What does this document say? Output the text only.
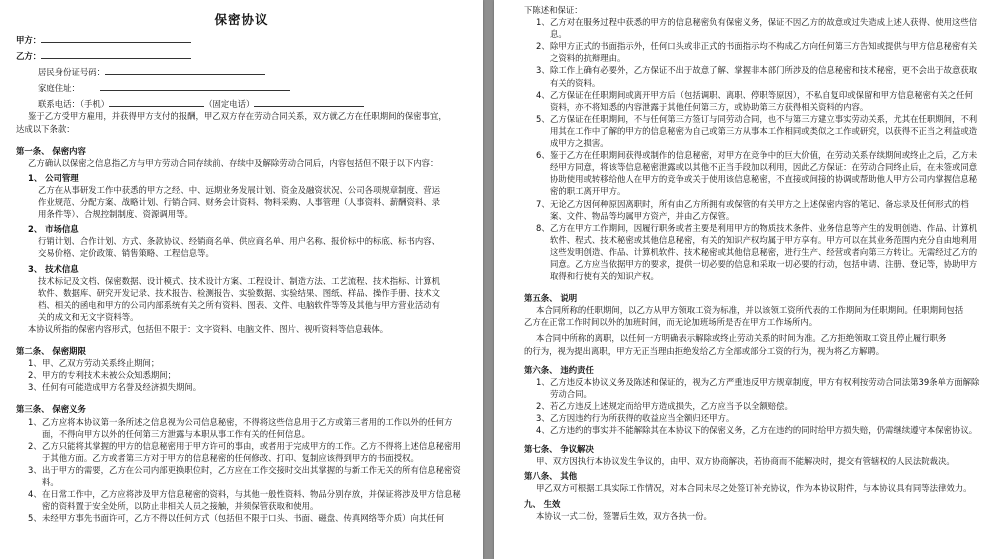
保密协议
甲方：
乙方：
居民身份证号码：
家庭住址：
联系电话：（手机）	（固定电话）
鉴于乙方受甲方雇用，并获得甲方支付的报酬，甲乙双方存在劳动合同关系，双方就乙方在任职期间的保密事宜，
达成以下条款：
第一条、 保密内容
乙方确认以保密之信息指乙方与甲方劳动合同存续前、存续中及解除劳动合同后，内容包括但不限于以下内容：
1、 公司管理
乙方在从事研发工作中获悉的甲方之经、中、远期业务发展计划、资金及融资状况、公司各项规章制度、营运
作业规范、分配方案、战略计划、行销合同、财务会计资料、物料采购、人事管理（人事资料、薪酬资料、录
用条件等）、合规控制制度、资源调用等。
2、 市场信息
行销计划、合作计划、方式、条款协议、经销商名单、供应商名单、用户名称、报价标中的标底、标书内容、
交易价格、定价政策、销售策略、工程信息等。
3、 技术信息
技术标记及文档、保密数据、设计模式、技术设计方案、工程设计、制造方法、工艺流程、技术指标、计算机
软件、数据库、研究开发记录、技术报告、检测报告、实验数据、实验结果、图纸、样品、操作手册、技术文
档、相关的函电和甲方的公司内部系统有关之所有资料、图表、文件、电脑软件等等及其他与甲方营业活动有
关的成文和无文字资料等。
本协议所指的保密内容形式，包括但不限于：文字资料、电脑文件、图片、视听资料等信息载体。
第二条、 保密期限
1、 甲、乙双方劳动关系终止期间；
2、 甲方的专利技术未被公众知悉期间；
3、 任何有可能造成甲方名誉及经济损失期间。
第三条、 保密义务
1、 乙方应将本协议第一条所述之信息视为公司信息秘密，不得将这些信息用于乙方或第三者用的工作以外的任何方面，不得向甲方以外的任何第三方泄露与本职从事工作有关的任何信息。
2、 乙方只能将其掌握的甲方的信息秘密用于甲方许可的事由，或者用于完成甲方的工作。乙方不得将上述信息秘密用于其他方面。乙方或者第三方对于甲方的信息秘密的任何修改、打印、复制应该得到甲方的书面授权。
3、 出于甲方的需要，乙方在公司内部更换职位时，乙方应在工作交接时交出其掌握的与新工作无关的所有信息秘密资料。
4、 在日常工作中，乙方应将涉及甲方信息秘密的资料，与其他一般性资料、物品分别存放，并保证将涉及甲方信息秘密的资料置于安全处所，以防止非相关人员之接触，并须保管获取和使用。
5、 未经甲方事先书面许可，乙方不得以任何方式（包括但不限于口头、书面、磁盘、传真网络等介质）向其任何
下陈述和保证：
1、 乙方对在服务过程中获悉的甲方的信息秘密负有保密义务，保证不因乙方的故意或过失造成上述人获得、使用这些信息。
2、 除甲方正式的书面指示外，任何口头或非正式的书面指示均不构成乙方向任何第三方告知或提供与甲方信息秘密有关之资料的抗辩理由。
3、 除工作上确有必要外，乙方保证不出于故意了解、掌握非本部门所涉及的信息秘密和技术秘密，更不会出于故意获取有关的资料。
4、 乙方保证在任职期间或离开甲方后（包括调职、离职、停职等原因），不私自复印或保留和甲方信息秘密有关之任何资料，亦不将知悉的内容泄露于其他任何第三方，或协助第三方获得相关资料的内容。
5、 乙方保证在任职期间，不与任何第三方签订与同劳动合同，也不与第三方建立事实劳动关系，尤其在任职期间，不利用其在工作中了解的甲方的信息秘密为自己或第三方从事本工作相同或类似之工作或研究，以获得不正当之利益或造成甲方之损害。
6、 鉴于乙方在任职期间获得或制作的信息秘密，对甲方在竞争中的巨大价值，在劳动关系存续期间或终止之后，乙方未经甲方同意，将该等信息秘密泄露或以其他不正当手段加以利用，因此乙方保证：在劳动合同终止后，在未签或同意协助使用或转移给他人在甲方的竞争或关于使用该信息秘密，不直接或间接的协调或帮助他人甲方公司内掌握信息秘密的职工离开甲方。
7、 无论乙方因何种原因离职时，所有由乙方所拥有或保管的有关甲方之上述保密内容的笔记、备忘录及任何形式的档案、文件、物品等均属甲方资产，并由乙方保管。
8、 乙方在甲方工作期间，因履行职务或者主要是利用甲方的物质技术条件、业务信息等产生的发明创造、作品、计算机软件、程式、技术秘密或其他信息秘密，有关的知识产权均属于甲方享有。甲方可以在其业务范围内充分自由地利用这些发明创造、作品、计算机软件、技术秘密或其他信息秘密，进行生产、经营或者向第三方转让。无需经过乙方的同意。乙方应当依据甲方的要求，提供一切必要的信息和采取一切必要的行动，包括申请、注册、登记等，协助甲方取得和行使有关的知识产权。
第五条、 说明
本合同所称的任职期间，以乙方从甲方领取工资为标准，并以该领工资所代表的工作期间为任职期间。任职期间包括
乙方在正常工作时间以外的加班时间，而无论加班场所是否在甲方工作场所内。
本合同中所称的离职，以任何一方明确表示解除或终止劳动关系的时间为准。乙方拒绝领取工资且停止履行职务
的行为，视为提出离职，甲方无正当理由拒绝发给乙方全部或部分工资的行为，视为将乙方解聘。
第六条、 违约责任
1、 乙方违反本协议义务及陈述和保证的，视为乙方严重违反甲方规章制度，甲方有权利按劳动合同法第39条单方面解除劳动合同。
2、 若乙方违反上述规定而给甲方造成损失，乙方应当予以全额赔偿。
3、 乙方因违约行为所获得的收益应当全额归还甲方。
4、 乙方违约的事实并不能解除其在本协议下的保密义务，乙方在违约的同时给甲方损失赔，仍需继续遵守本保密协议。
第七条、 争议解决
甲、双方因执行本协议发生争议的，由甲、双方协商解决，若协商而不能解决时，提交有管辖权的人民法院裁决。
第八条、 其他
甲乙双方可根据工具实际工作情况，对本合同未尽之处签订补充协议，作为本协议附件，与本协议具有同等法律效力。
九、 生效
本协议一式二份，签署后生效，双方各执一份。
